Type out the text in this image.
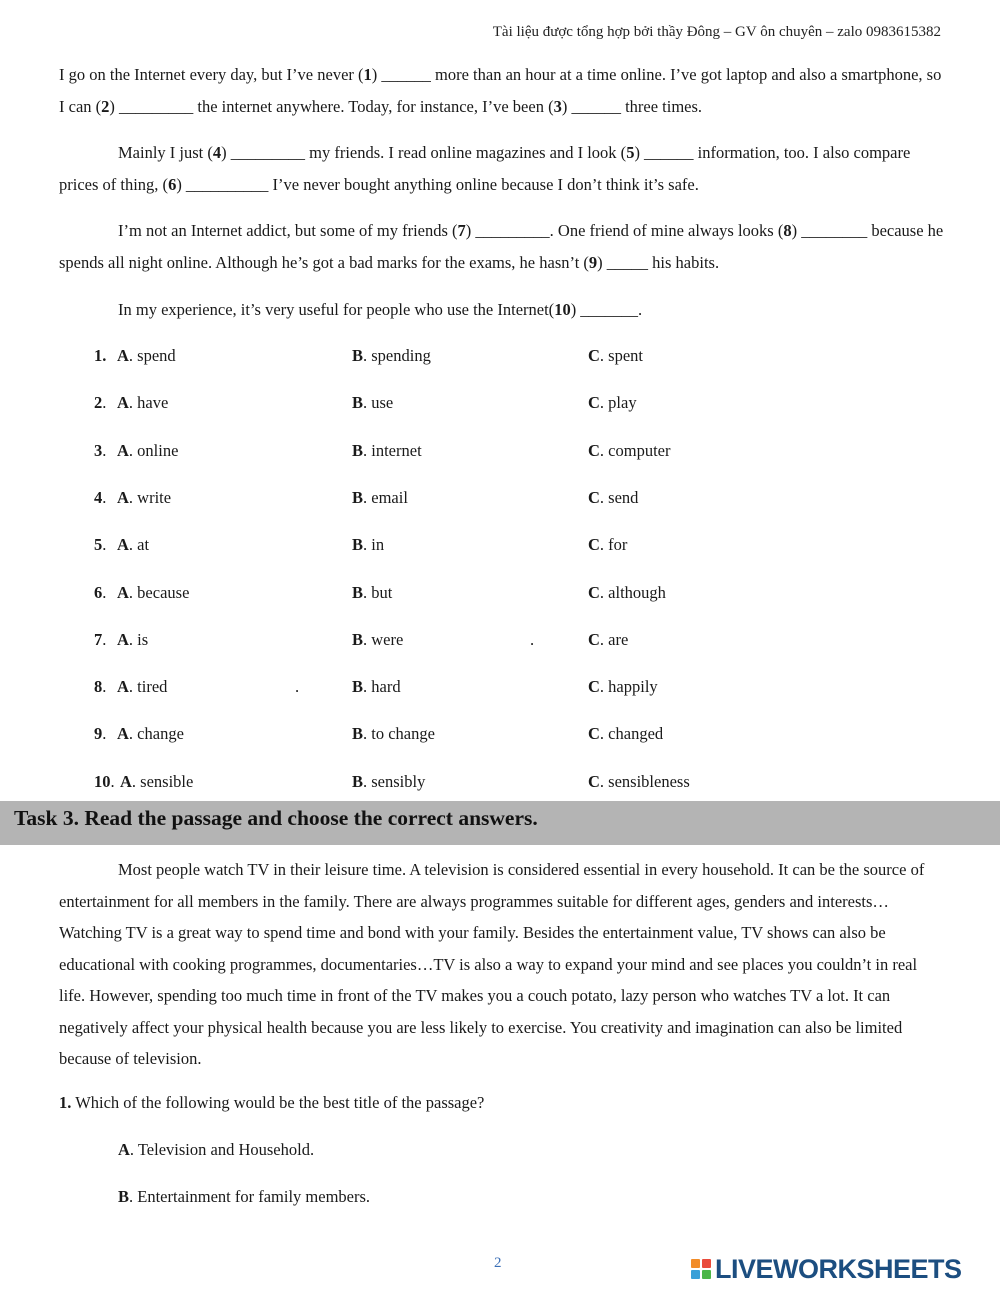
Tài liệu được tổng hợp bởi thầy Đông – GV ôn chuyên – zalo 0983615382

I go on the Internet every day, but I’ve never (1) ______ more than an hour at a time online. I’ve got laptop and also a smartphone, so I can (2) _________ the internet anywhere. Today, for instance, I’ve been (3) ______ three times.

Mainly I just (4) _________ my friends. I read online magazines and I look (5) ______ information, too. I also compare prices of thing, (6) __________ I’ve never bought anything online because I don’t think it’s safe.

I’m not an Internet addict, but some of my friends (7) _________. One friend of mine always looks (8) ________ because he spends all night online. Although he’s got a bad marks for the exams, he hasn’t (9) _____ his habits.

In my experience, it’s very useful for people who use the Internet(10) _______.

1. A. spend	B. spending	C. spent
2. A. have	B. use	C. play
3. A. online	B. internet	C. computer
4. A. write	B. email	C. send
5. A. at	B. in	C. for
6. A. because	B. but	C. although
7. A. is	B. were	.	C. are
8. A. tired	.	B. hard	C. happily
9. A. change	B. to change	C. changed
10. A. sensible	B. sensibly	C. sensibleness
Task 3. Read the passage and choose the correct answers.

Most people watch TV in their leisure time. A television is considered essential in every household. It can be the source of entertainment for all members in the family. There are always programmes suitable for different ages, genders and interests… Watching TV is a great way to spend time and bond with your family. Besides the entertainment value, TV shows can also be educational with cooking programmes, documentaries…TV is also a way to expand your mind and see places you couldn’t in real life. However, spending too much time in front of the TV makes you a couch potato, lazy person who watches TV a lot. It can negatively affect your physical health because you are less likely to exercise. You creativity and imagination can also be limited because of television.

1. Which of the following would be the best title of the passage?
A. Television and Household.
B. Entertainment for family members.
2	LIVEWORKSHEETS
